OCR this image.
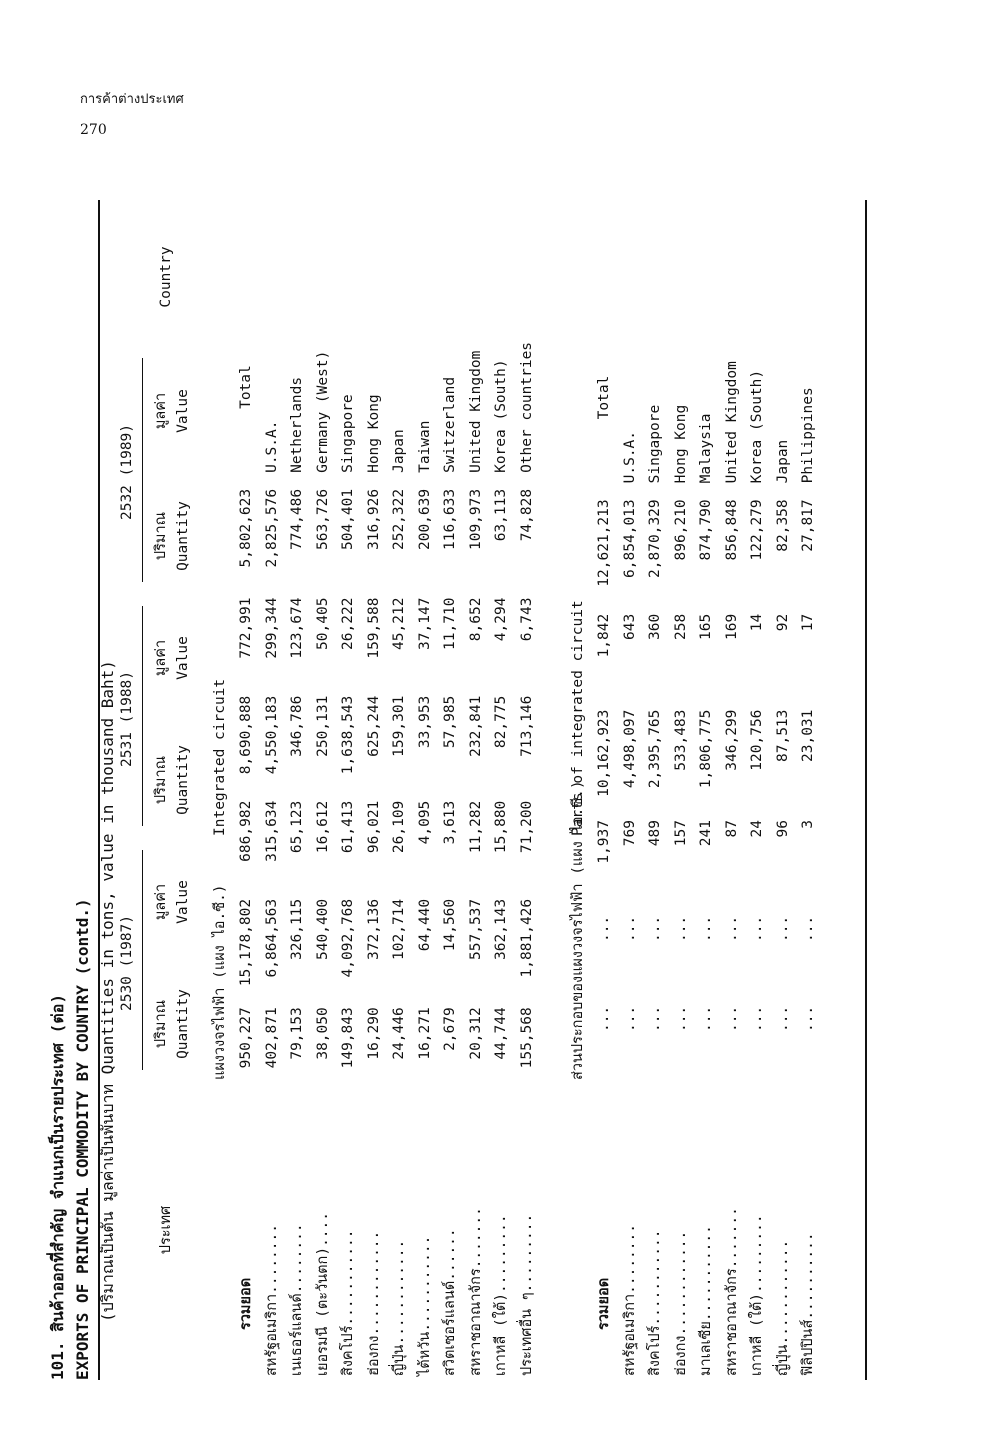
การค้าต่างประเทศ
270
101. สินค้าออกที่สำคัญ จำแนกเป็นรายประเทศ (ต่อ) EXPORTS OF PRINCIPAL COMMODITY BY COUNTRY (contd.) (ปริมาณเป็นตัน มูลค่าเป็นพันบาท Quantities in tons, value in thousand Baht)	ประเทศ
2530 (1987)
2531 (1988)
2532 (1989)
ปริมาณ Quantity
มูลค่า Value
ปริมาณ Quantity
มูลค่า Value
ปริมาณ Quantity
มูลค่า Value
Country
แผงวงจรไฟฟ้า (แผง ไอ.ซี.)
Integrated circuit
รวมยอด	950,227		15,178,802		686,982		8,690,888		772,991		5,802,623	Total
สหรัฐอเมริกา........	402,871		6,864,563		315,634		4,550,183		299,344		2,825,576	U.S.A.
เนเธอร์แลนด์........	79,153		326,115		65,123		346,786		123,674		774,486	Netherlands
เยอรมนี (ตะวันตก)....	38,050		540,400		16,612		250,131		50,405		563,726	Germany (West)
สิงคโปร์...........	149,843		4,092,768		61,413		1,638,543		26,222		504,401	Singapore
ฮ่องกง............	16,290		372,136		96,021		625,244		159,588		316,926	Hong Kong
ญี่ปุ่น............	24,446		102,714		26,109		159,301		45,212		252,322	Japan
ไต้หวัน...........	16,271		64,440		4,095		33,953		37,147		200,639	Taiwan
สวิตเซอร์แลนด์......	2,679		14,560		3,613		57,985		11,710		116,633	Switzerland
สหราชอาณาจักร.......	20,312		557,537		11,282		232,841		8,652		109,973	United Kingdom
เกาหลี (ใต้).........	44,744		362,143		15,880		82,775		4,294		63,113	Korea (South)
ประเทศอื่น ๆ.........	155,568		1,881,426		71,200		713,146		6,743		74,828	Other countries
ส่วนประกอบของแผงวงจรไฟฟ้า (แผง ไอ.ซี.)
Parts of integrated circuit
รวมยอด	...		...		1,937		10,162,923		1,842		12,621,213	Total
สหรัฐอเมริกา........	...		...		769		4,498,097		643		6,854,013	U.S.A.
สิงคโปร์...........	...		...		489		2,395,765		360		2,870,329	Singapore
ฮ่องกง............	...		...		157		533,483		258		896,210	Hong Kong
มาเลเซีย...........	...		...		241		1,806,775		165		874,790	Malaysia
สหราชอาณาจักร.......	...		...		87		346,299		169		856,848	United Kingdom
เกาหลี (ใต้).........	...		...		24		120,756		14		122,279	Korea (South)
ญี่ปุ่น............	...		...		96		87,513		92		82,358	Japan
ฟิลิปปินส์..........	...		...		3		23,031		17		27,817	Philippines
